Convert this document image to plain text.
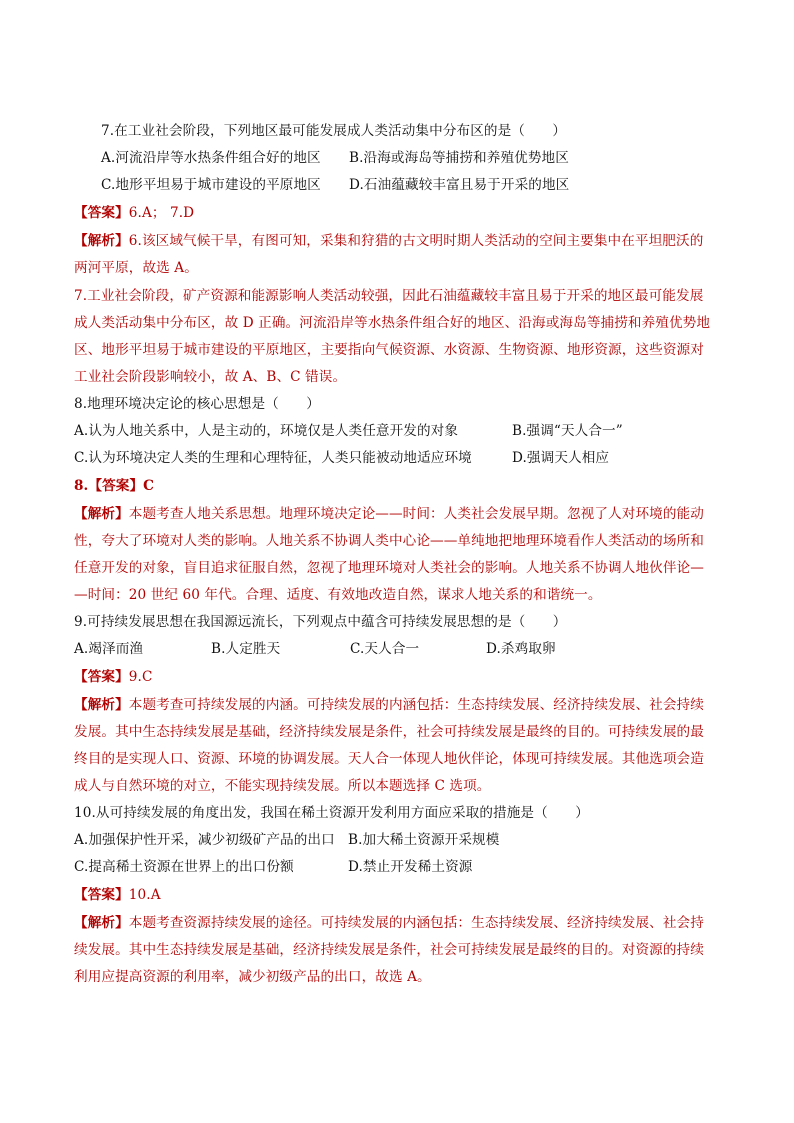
7.在工业社会阶段，下列地区最可能发展成人类活动集中分布区的是（　　）
A.河流沿岸等水热条件组合好的地区 B.沿海或海岛等捕捞和养殖优势地区
C.地形平坦易于城市建设的平原地区 D.石油蕴藏较丰富且易于开采的地区
【答案】6.A； 7.D
【解析】6.该区域气候干旱，有图可知，采集和狩猎的古文明时期人类活动的空间主要集中在平坦肥沃的
两河平原，故选 A。
7.工业社会阶段，矿产资源和能源影响人类活动较强，因此石油蕴藏较丰富且易于开采的地区最可能发展
成人类活动集中分布区，故 D 正确。河流沿岸等水热条件组合好的地区、沿海或海岛等捕捞和养殖优势地
区、地形平坦易于城市建设的平原地区，主要指向气候资源、水资源、生物资源、地形资源，这些资源对
工业社会阶段影响较小，故 A、B、C 错误。
8.地理环境决定论的核心思想是（　　）
A.认为人地关系中，人是主动的，环境仅是人类任意开发的对象	B.强调“天人合一”
C.认为环境决定人类的生理和心理特征，人类只能被动地适应环境	D.强调天人相应
8.【答案】C
【解析】本题考查人地关系思想。地理环境决定论——时间：人类社会发展早期。忽视了人对环境的能动
性，夸大了环境对人类的影响。人地关系不协调人类中心论——单纯地把地理环境看作人类活动的场所和
任意开发的对象，盲目追求征服自然，忽视了地理环境对人类社会的影响。人地关系不协调人地伙伴论—
—时间：20 世纪 60 年代。合理、适度、有效地改造自然，谋求人地关系的和谐统一。
9.可持续发展思想在我国源远流长，下列观点中蕴含可持续发展思想的是（　　）
A.竭泽而渔	B.人定胜天	C.天人合一	D.杀鸡取卵
【答案】9.C
【解析】本题考查可持续发展的内涵。可持续发展的内涵包括：生态持续发展、经济持续发展、社会持续
发展。其中生态持续发展是基础，经济持续发展是条件，社会可持续发展是最终的目的。可持续发展的最
终目的是实现人口、资源、环境的协调发展。天人合一体现人地伙伴论，体现可持续发展。其他选项会造
成人与自然环境的对立，不能实现持续发展。所以本题选择 C 选项。
10.从可持续发展的角度出发，我国在稀土资源开发利用方面应采取的措施是（　　）
A.加强保护性开采，减少初级矿产品的出口 B.加大稀土资源开采规模
C.提高稀土资源在世界上的出口份额	D.禁止开发稀土资源
【答案】10.A
【解析】本题考查资源持续发展的途径。可持续发展的内涵包括：生态持续发展、经济持续发展、社会持
续发展。其中生态持续发展是基础，经济持续发展是条件，社会可持续发展是最终的目的。对资源的持续
利用应提高资源的利用率，减少初级产品的出口，故选 A。
